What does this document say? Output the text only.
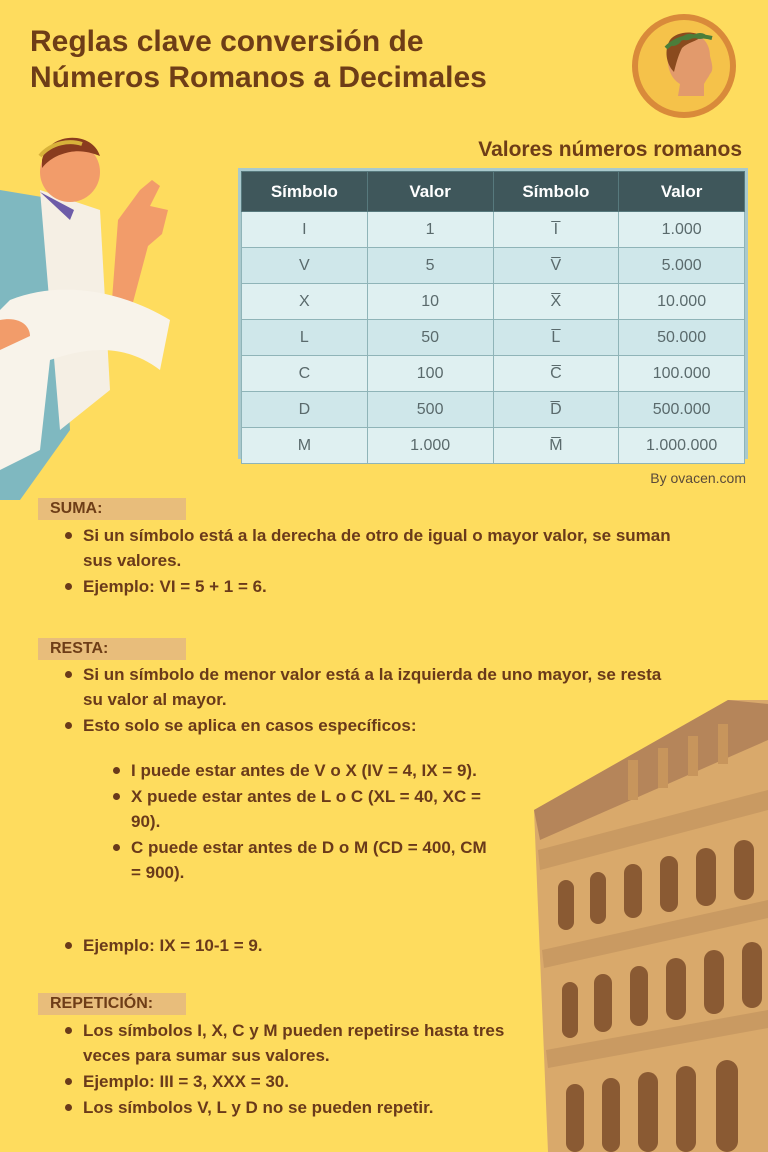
Reglas clave conversión de
Números Romanos a Decimales
Valores números romanos
Símbolo	Valor	Símbolo	Valor
I	1	I̅	1.000
V	5	V̅	5.000
X	10	X̅	10.000
L	50	L̅	50.000
C	100	C̅	100.000
D	500	D̅	500.000
M	1.000	M̅	1.000.000
By ovacen.com
SUMA:
Si un símbolo está a la derecha de otro de igual o mayor valor, se suman sus valores.
Ejemplo: VI = 5 + 1 = 6.
RESTA:
Si un símbolo de menor valor está a la izquierda de uno mayor, se resta su valor al mayor.
Esto solo se aplica en casos específicos:
I puede estar antes de V o X (IV = 4, IX = 9).
X puede estar antes de L o C (XL = 40, XC = 90).
C puede estar antes de D o M (CD = 400, CM = 900).
Ejemplo: IX = 10-1 = 9.
REPETICIÓN:
Los símbolos I, X, C y M pueden repetirse hasta tres veces para sumar sus valores.
Ejemplo: III = 3, XXX = 30.
Los símbolos V, L y D no se pueden repetir.
